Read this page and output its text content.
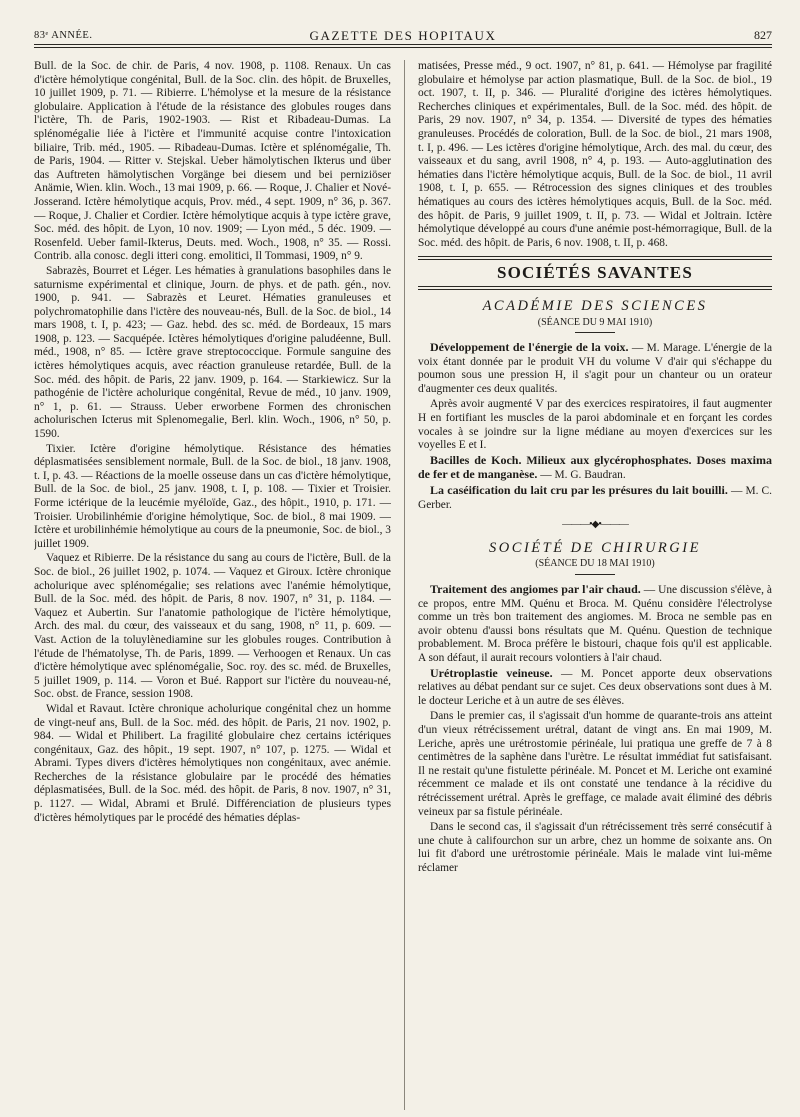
83ᵉ ANNÉE.	GAZETTE DES HOPITAUX	827

Bull. de la Soc. de chir. de Paris, 4 nov. 1908, p. 1108. Renaux. Un cas d'ictère hémolytique congénital, Bull. de la Soc. clin. des hôpit. de Bruxelles, 10 juillet 1909, p. 71. — Ribierre. L'hémolyse et la mesure de la résistance globulaire. Application à l'étude de la résistance des globules rouges dans l'ictère, Th. de Paris, 1902-1903. — Rist et Ribadeau-Dumas. La splénomégalie liée à l'ictère et l'immunité acquise contre l'intoxication biliaire, Trib. méd., 1905. — Ribadeau-Dumas. Ictère et splénomégalie, Th. de Paris, 1904. — Ritter v. Stejskal. Ueber hämolytischen Ikterus und über das Auftreten hämolytischen Vorgänge bei diesem und bei perniziöser Anämie, Wien. klin. Woch., 13 mai 1909, p. 66. — Roque, J. Chalier et Nové-Josserand. Ictère hémolytique acquis, Prov. méd., 4 sept. 1909, n° 36, p. 367. — Roque, J. Chalier et Cordier. Ictère hémolytique acquis à type ictère grave, Soc. méd. des hôpit. de Lyon, 10 nov. 1909; — Lyon méd., 5 déc. 1909. — Rosenfeld. Ueber famil-Ikterus, Deuts. med. Woch., 1908, n° 35. — Rossi. Contrib. alla conosc. degli itteri cong. emolitici, Il Tommasi, 1909, n° 9.

Sabrazès, Bourret et Léger. Les hématies à granulations basophiles dans le saturnisme expérimental et clinique, Journ. de phys. et de path. gén., nov. 1900, p. 941. — Sabrazès et Leuret. Hématies granuleuses et polychromatophilie dans l'ictère des nouveau-nés, Bull. de la Soc. de biol., 14 mars 1908, t. I, p. 423; — Gaz. hebd. des sc. méd. de Bordeaux, 15 mars 1908, p. 123. — Sacquépée. Ictères hémolytiques d'origine paludéenne, Bull. méd., 1908, n° 85. — Ictère grave streptococcique. Formule sanguine des ictères hémolytiques acquis, avec réaction granuleuse retardée, Bull. de la Soc. méd. des hôpit. de Paris, 22 janv. 1909, p. 164. — Starkiewicz. Sur la pathogénie de l'ictère acholurique congénital, Revue de méd., 10 janv. 1909, n° 1, p. 61. — Strauss. Ueber erworbene Formen des chronischen acholurischen Icterus mit Splenomegalie, Berl. klin. Woch., 1906, n° 50, p. 1590.

Tixier. Ictère d'origine hémolytique. Résistance des hématies déplasmatisées sensiblement normale, Bull. de la Soc. de biol., 18 janv. 1908, t. I, p. 43. — Réactions de la moelle osseuse dans un cas d'ictère hémolytique, Bull. de la Soc. de biol., 25 janv. 1908, t. I, p. 108. — Tixier et Troisier. Forme ictérique de la leucémie myéloïde, Gaz., des hôpit., 1910, p. 171. — Troisier. Urobilinhémie d'origine hémolytique, Soc. de biol., 8 mai 1909. — Ictère et urobilinhémie hémolytique au cours de la pneumonie, Soc. de biol., 3 juillet 1909.

Vaquez et Ribierre. De la résistance du sang au cours de l'ictère, Bull. de la Soc. de biol., 26 juillet 1902, p. 1074. — Vaquez et Giroux. Ictère chronique acholurique avec splénomégalie; ses relations avec l'anémie hémolytique, Bull. de la Soc. méd. des hôpit. de Paris, 8 nov. 1907, n° 31, p. 1184. — Vaquez et Aubertin. Sur l'anatomie pathologique de l'ictère hémolytique, Arch. des mal. du cœur, des vaisseaux et du sang, 1908, n° 11, p. 609. — Vast. Action de la toluylènediamine sur les globules rouges. Contribution à l'étude de l'hématolyse, Th. de Paris, 1899. — Verhoogen et Renaux. Un cas d'ictère hémolytique avec splénomégalie, Soc. roy. des sc. méd. de Bruxelles, 5 juillet 1909, p. 114. — Voron et Bué. Rapport sur l'ictère du nouveau-né, Soc. obst. de France, session 1908.

Widal et Ravaut. Ictère chronique acholurique congénital chez un homme de vingt-neuf ans, Bull. de la Soc. méd. des hôpit. de Paris, 21 nov. 1902, p. 984. — Widal et Philibert. La fragilité globulaire chez certains ictériques congénitaux, Gaz. des hôpit., 19 sept. 1907, n° 107, p. 1275. — Widal et Abrami. Types divers d'ictères hémolytiques non congénitaux, avec anémie. Recherches de la résistance globulaire par le procédé des hématies déplasmatisées, Bull. de la Soc. méd. des hôpit. de Paris, 8 nov. 1907, n° 31, p. 1127. — Widal, Abrami et Brulé. Différenciation de plusieurs types d'ictères hémolytiques par le procédé des hématies déplas-

matisées, Presse méd., 9 oct. 1907, n° 81, p. 641. — Hémolyse par fragilité globulaire et hémolyse par action plasmatique, Bull. de la Soc. de biol., 19 oct. 1907, t. II, p. 346. — Pluralité d'origine des ictères hémolytiques. Recherches cliniques et expérimentales, Bull. de la Soc. méd. des hôpit. de Paris, 29 nov. 1907, n° 34, p. 1354. — Diversité de types des hématies granuleuses. Procédés de coloration, Bull. de la Soc. de biol., 21 mars 1908, t. I, p. 496. — Les ictères d'origine hémolytique, Arch. des mal. du cœur, des vaisseaux et du sang, avril 1908, n° 4, p. 193. — Auto-agglutination des hématies dans l'ictère hémolytique acquis, Bull. de la Soc. de biol., 11 avril 1908, t. I, p. 655. — Rétrocession des signes cliniques et des troubles hématiques au cours des ictères hémolytiques acquis, Bull. de la Soc. méd. des hôpit. de Paris, 9 juillet 1909, t. II, p. 73. — Widal et Joltrain. Ictère hémolytique développé au cours d'une anémie post-hémorragique, Bull. de la Soc. méd. des hôpit. de Paris, 6 nov. 1908, t. II, p. 468.

SOCIÉTÉS SAVANTES
ACADÉMIE DES SCIENCES
(SÉANCE DU 9 MAI 1910)

Développement de l'énergie de la voix. — M. Marage. L'énergie de la voix étant donnée par le produit VH du volume V d'air qui s'échappe du poumon sous une pression H, il s'agit pour un chanteur ou un orateur d'augmenter ces deux qualités.

Après avoir augmenté V par des exercices respiratoires, il faut augmenter H en fortifiant les muscles de la paroi abdominale et en forçant les cordes vocales à se joindre sur la ligne médiane au moyen d'exercices sur les voyelles E et I.

Bacilles de Koch. Milieux aux glycérophosphates. Doses maxima de fer et de manganèse. — M. G. Baudran.

La caséification du lait cru par les présures du lait bouilli. — M. C. Gerber.

———•◆•———
SOCIÉTÉ DE CHIRURGIE
(SÉANCE DU 18 MAI 1910)

Traitement des angiomes par l'air chaud. — Une discussion s'élève, à ce propos, entre MM. Quénu et Broca. M. Quénu considère l'électrolyse comme un très bon traitement des angiomes. M. Broca ne semble pas en avoir obtenu d'aussi bons résultats que M. Quénu. Question de technique probablement. M. Broca préfère le bistouri, chaque fois qu'il est applicable. A son défaut, il aurait recours volontiers à l'air chaud.

Urétroplastie veineuse. — M. Poncet apporte deux observations relatives au débat pendant sur ce sujet. Ces deux observations sont dues à M. le docteur Leriche et à un autre de ses élèves.

Dans le premier cas, il s'agissait d'un homme de quarante-trois ans atteint d'un vieux rétrécissement urétral, datant de vingt ans. En mai 1909, M. Leriche, après une urétrostomie périnéale, lui pratiqua une greffe de 7 à 8 centimètres de la saphène dans l'urètre. Le résultat immédiat fut satisfaisant. Il ne restait qu'une fistulette périnéale. M. Poncet et M. Leriche ont examiné récemment ce malade et ils ont constaté une tendance à la récidive du rétrécissement urétral. Après le greffage, ce malade avait éliminé des débris veineux par sa fistule périnéale.

Dans le second cas, il s'agissait d'un rétrécissement très serré consécutif à une chute à califourchon sur un arbre, chez un homme de soixante ans. On lui fit d'abord une urétrostomie périnéale. Mais le malade vint lui-même réclamer
